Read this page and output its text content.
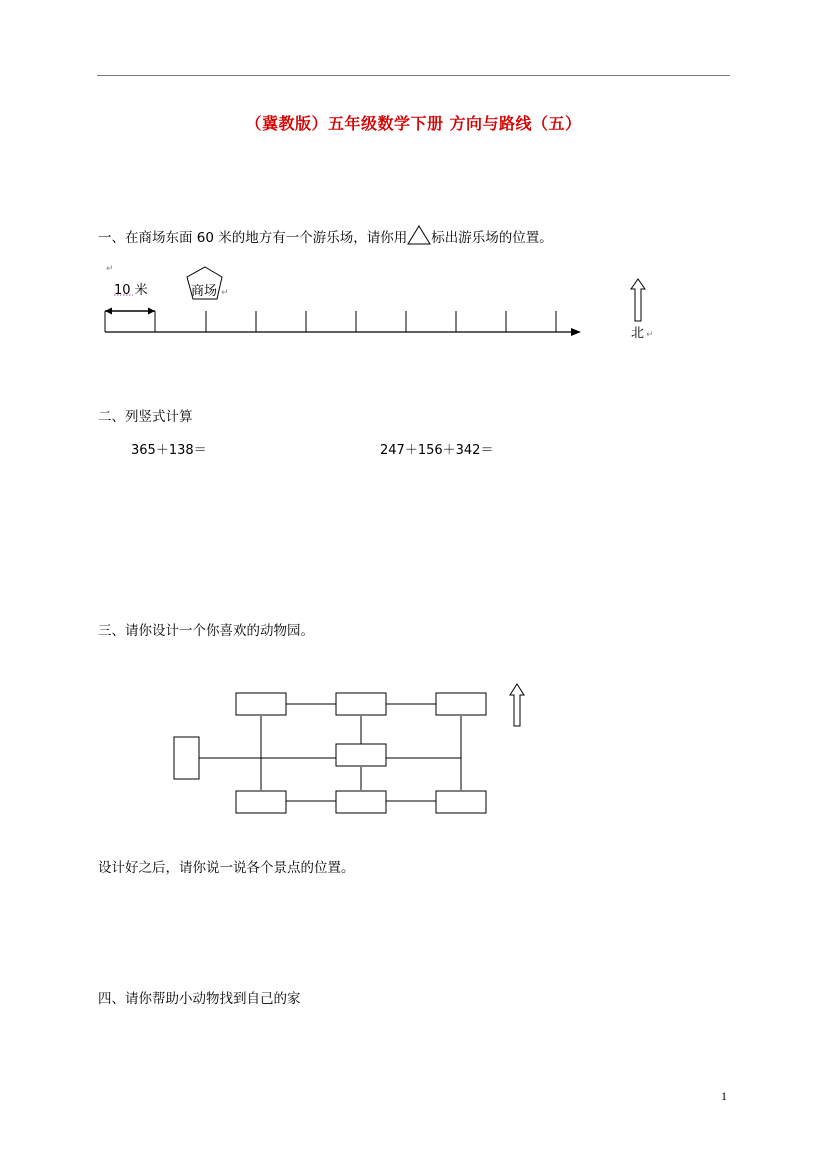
（冀教版）五年级数学下册 方向与路线（五）
一、在商场东面 60 米的地方有一个游乐场，请你用 标出游乐场的位置。
↵
10 米	商场 ↵
北 ↵
二、列竖式计算
365＋138＝	247＋156＋342＝
三、请你设计一个你喜欢的动物园。
设计好之后，请你说一说各个景点的位置。
四、请你帮助小动物找到自己的家
1
